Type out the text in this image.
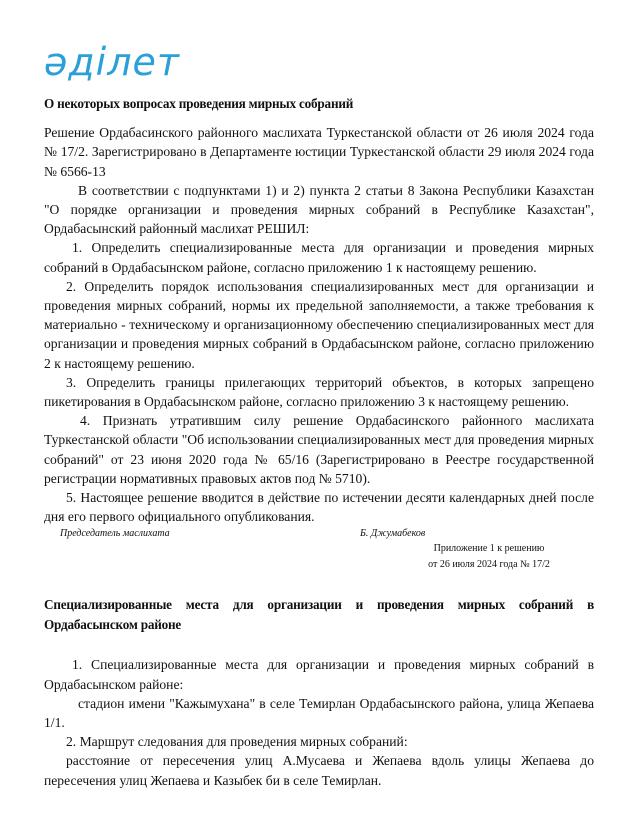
әділет

О некоторых вопросах проведения мирных собраний

Решение Ордабасинского районного маслихата Туркестанской области от 26 июля 2024 года № 17/2. Зарегистрировано в Департаменте юстиции Туркестанской области 29 июля 2024 года № 6566-13

В соответствии с подпунктами 1) и 2) пункта 2 статьи 8 Закона Республики Казахстан "О порядке организации и проведения мирных собраний в Республике Казахстан", Ордабасынский районный маслихат РЕШИЛ:

1. Определить специализированные места для организации и проведения мирных собраний в Ордабасынском районе, согласно приложению 1 к настоящему решению.

2. Определить порядок использования специализированных мест для организации и проведения мирных собраний, нормы их предельной заполняемости, а также требования к материально - техническому и организационному обеспечению специализированных мест для организации и проведения мирных собраний в Ордабасынском районе, согласно приложению 2 к настоящему решению.

3. Определить границы прилегающих территорий объектов, в которых запрещено пикетирования в Ордабасынском районе, согласно приложению 3 к настоящему решению.

4. Признать утратившим силу решение Ордабасинского районного маслихата Туркестанской области "Об использовании специализированных мест для проведения мирных собраний" от 23 июня 2020 года № 65/16 (Зарегистрировано в Реестре государственной регистрации нормативных правовых актов под № 5710).

5. Настоящее решение вводится в действие по истечении десяти календарных дней после дня его первого официального опубликования.

Председатель маслихата	Б. Джумабеков
Приложение 1 к решению
от 26 июля 2024 года № 17/2

Специализированные места для организации и проведения мирных собраний в Ордабасынском районе

1. Специализированные места для организации и проведения мирных собраний в Ордабасынском районе:

стадион имени "Кажымухана" в селе Темирлан Ордабасынского района, улица Жепаева 1/1.

2. Маршрут следования для проведения мирных собраний:

расстояние от пересечения улиц А.Мусаева и Жепаева вдоль улицы Жепаева до пересечения улиц Жепаева и Казыбек би в селе Темирлан.
